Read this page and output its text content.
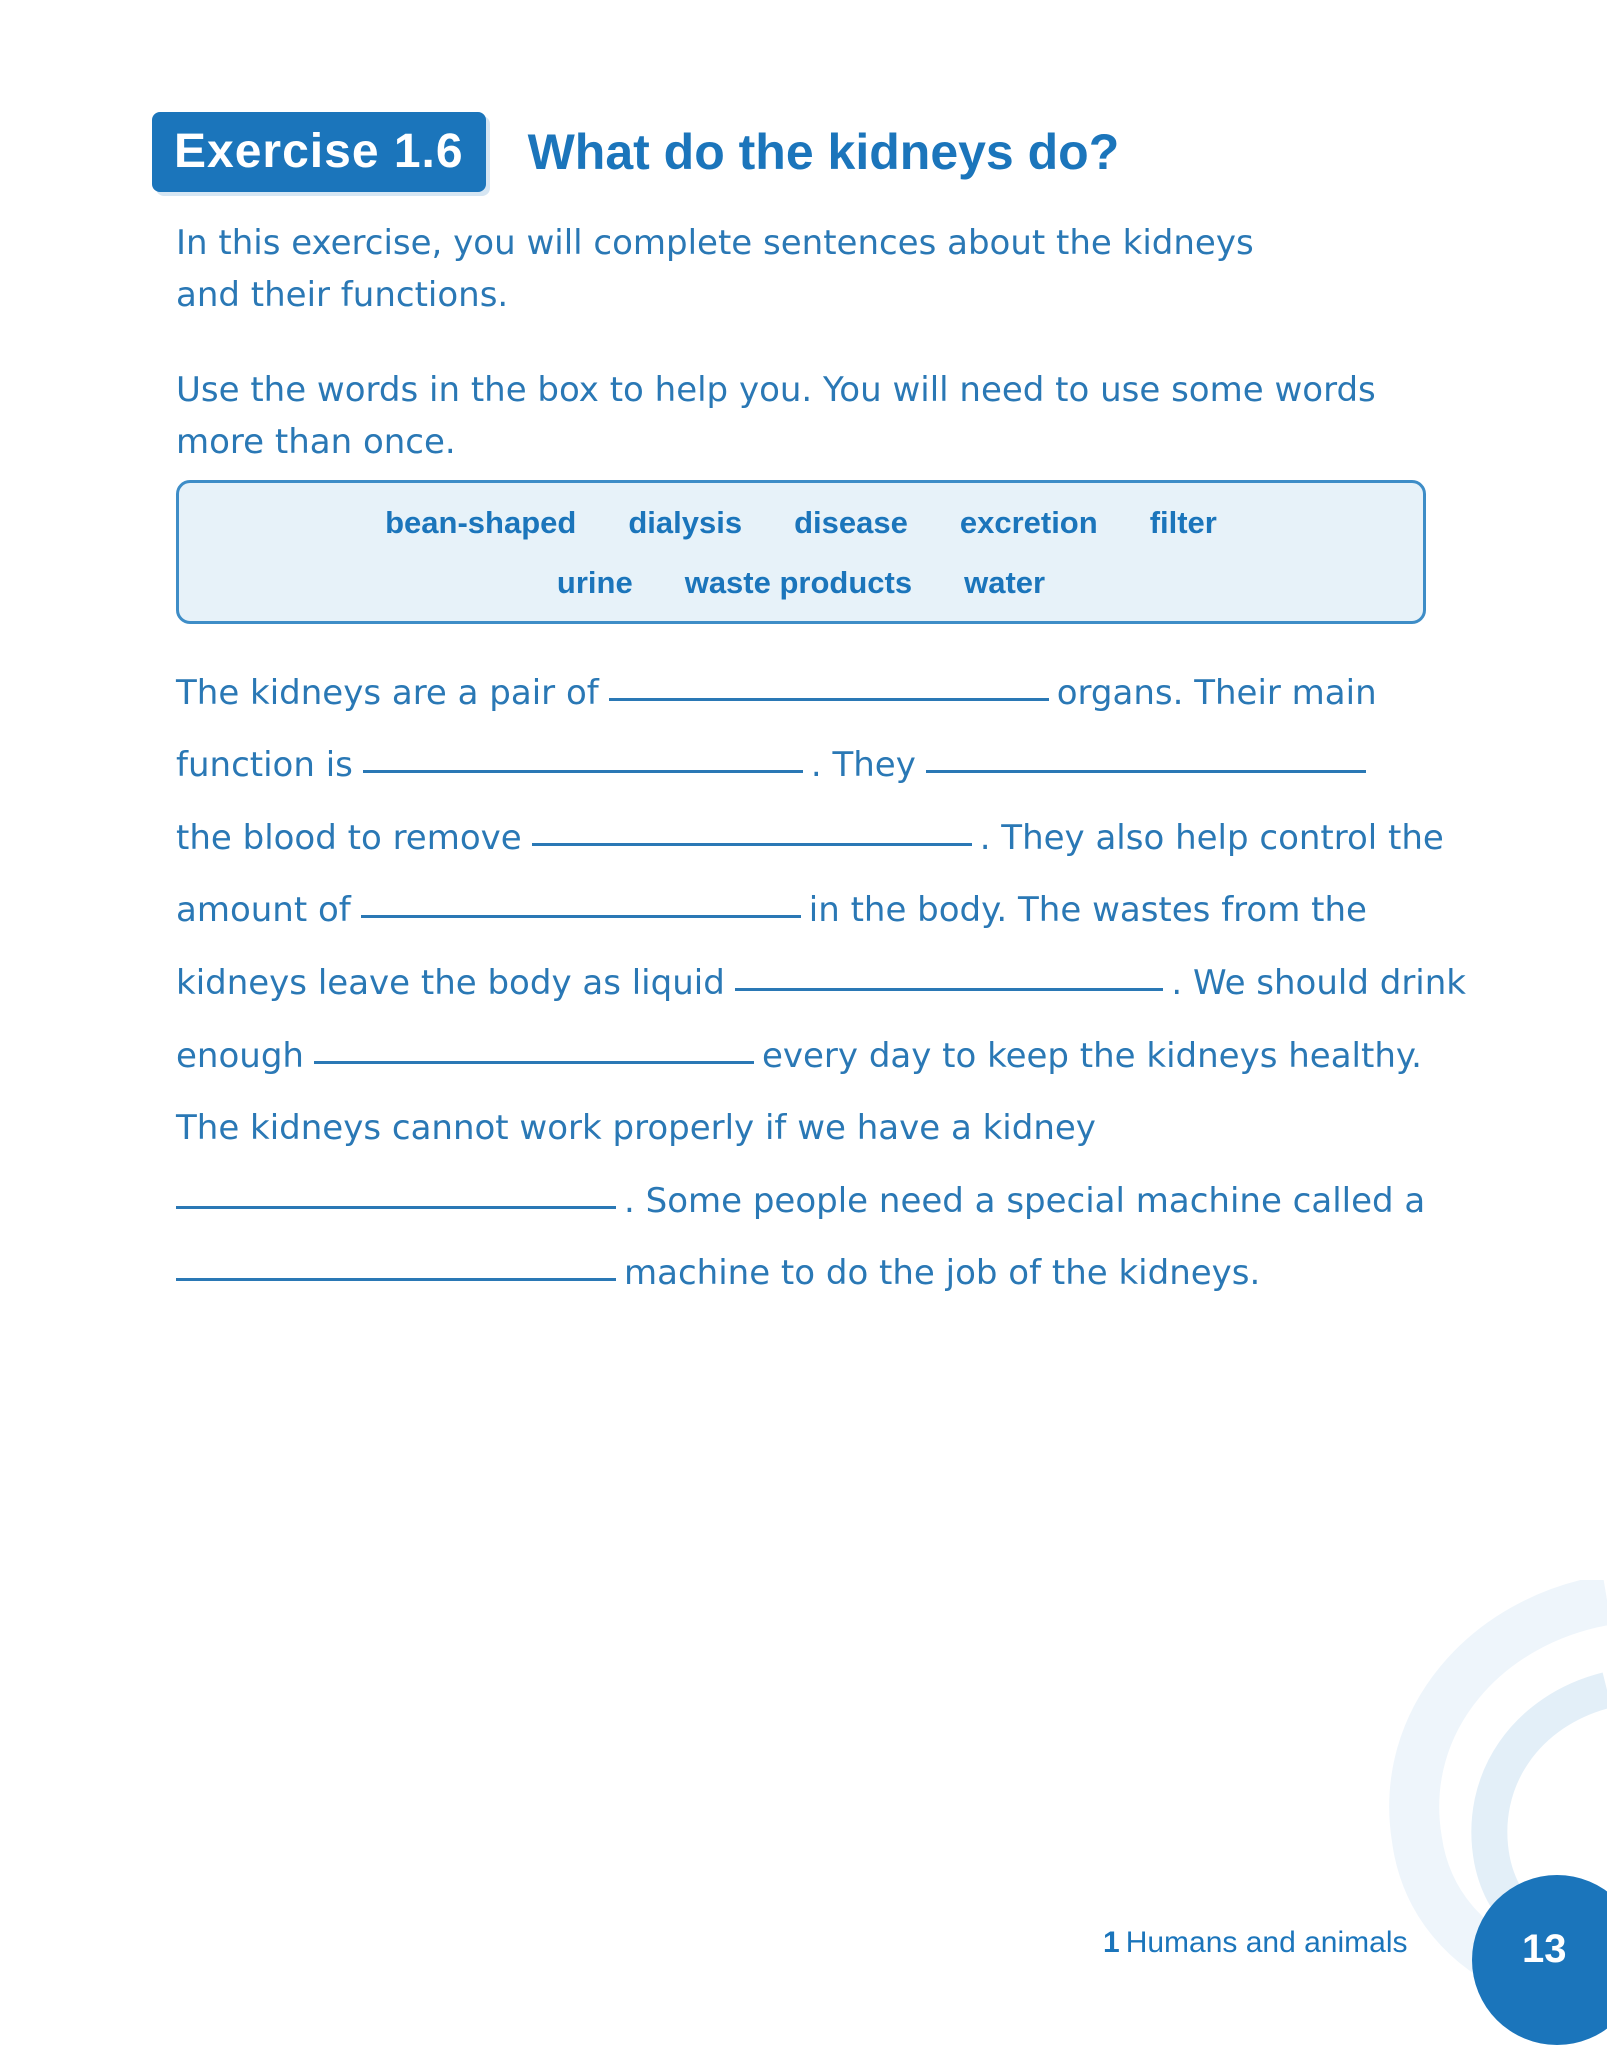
Exercise 1.6	What do the kidneys do?
In this exercise, you will complete sentences about the kidneys and their functions.
Use the words in the box to help you. You will need to use some words more than once.
bean-shaped dialysis disease excretion filter
urine waste products water
The kidneys are a pair of	organs. Their main
function is	. They
the blood to remove	. They also help control the
amount of	in the body. The wastes from the
kidneys leave the body as liquid	. We should drink
enough	every day to keep the kidneys healthy.
The kidneys cannot work properly if we have a kidney
. Some people need a special machine called a
machine to do the job of the kidneys.
1 Humans and animals	13
